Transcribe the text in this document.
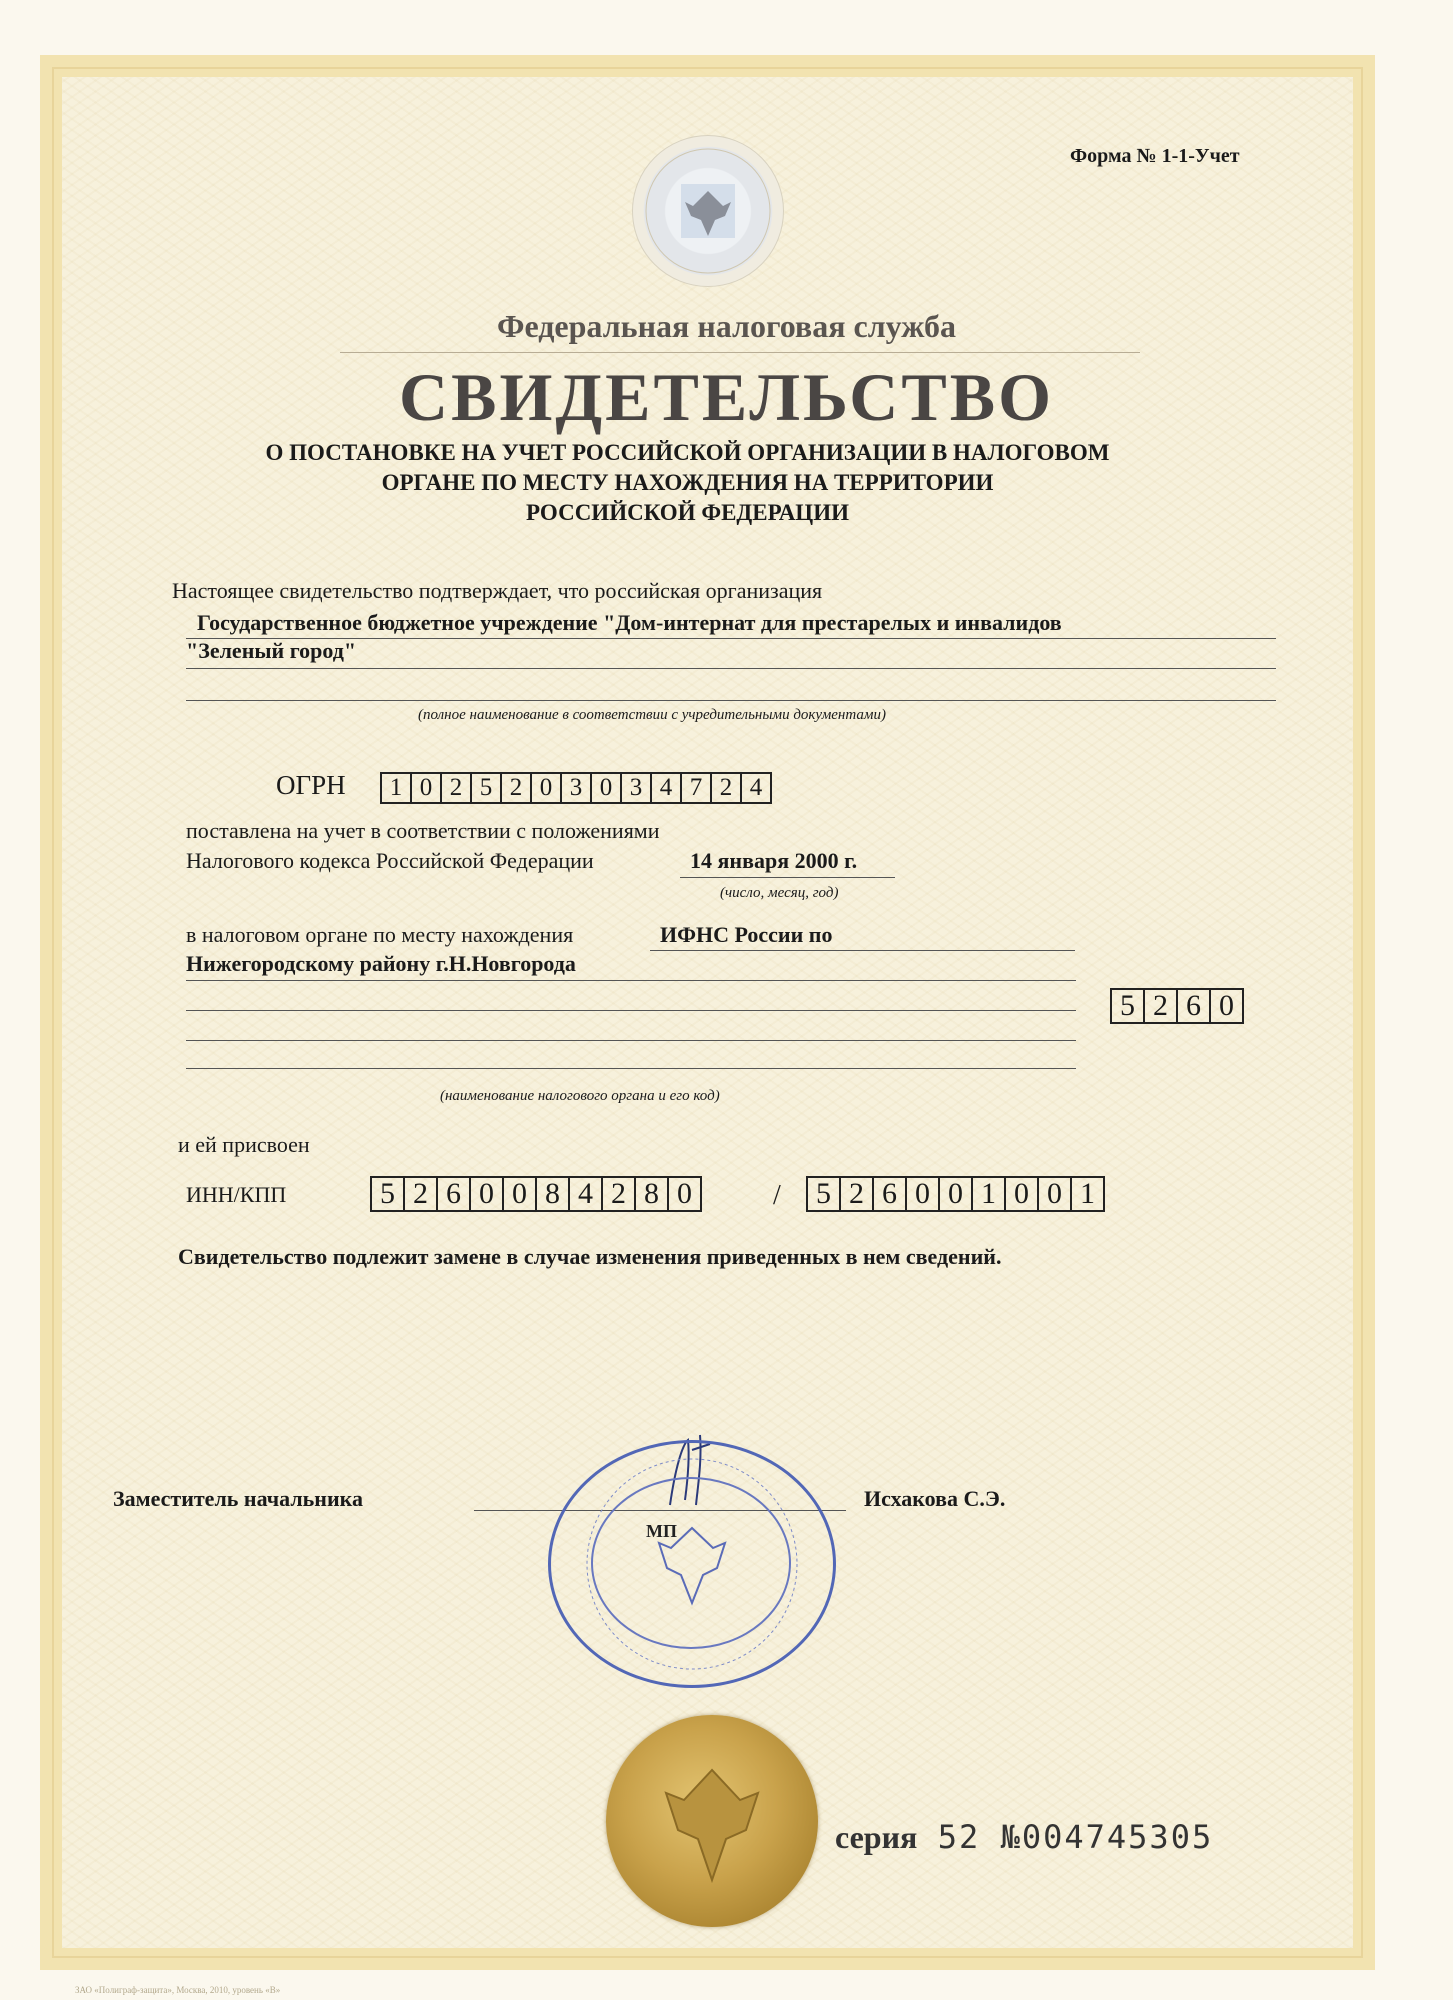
Форма № 1-1-Учет
Федеральная налоговая служба
СВИДЕТЕЛЬСТВО
О ПОСТАНОВКЕ НА УЧЕТ РОССИЙСКОЙ ОРГАНИЗАЦИИ В НАЛОГОВОМ
ОРГАНЕ ПО МЕСТУ НАХОЖДЕНИЯ НА ТЕРРИТОРИИ
РОССИЙСКОЙ ФЕДЕРАЦИИ
Настоящее свидетельство подтверждает, что российская организация
Государственное бюджетное учреждение "Дом-интернат для престарелых и инвалидов
"Зеленый город"
(полное наименование в соответствии с учредительными документами)
ОГРН	1 0 2 5 2 0 3 0 3 4 7 2 4
поставлена на учет в соответствии с положениями
Налогового кодекса Российской Федерации	14 января 2000 г.
(число, месяц, год)
в налоговом органе по месту нахождения	ИФНС России по
Нижегородскому району г.Н.Новгорода
5 2 6 0
(наименование налогового органа и его код)
и ей присвоен
ИНН/КПП	5 2 6 0 0 8 4 2 8 0	/	5 2 6 0 0 1 0 0 1
Свидетельство подлежит замене в случае изменения приведенных в нем сведений.
Заместитель начальника	Исхакова С.Э.
МП
серия 52 №004745305
ЗАО «Полиграф-защита», Москва, 2010, уровень «В»
